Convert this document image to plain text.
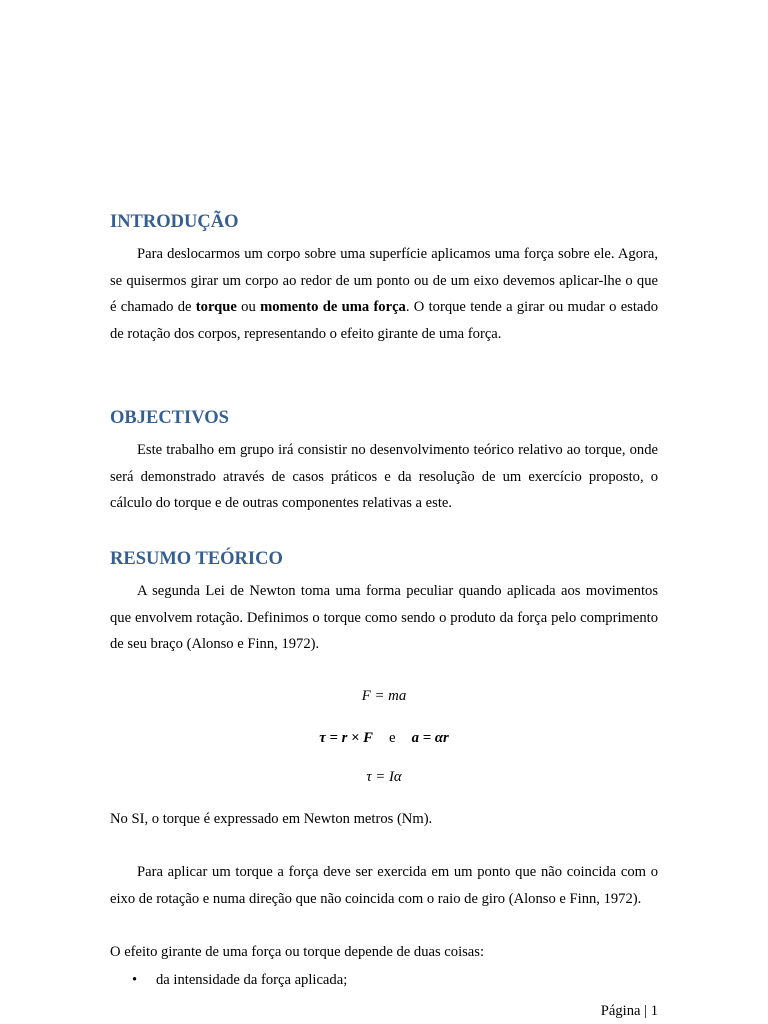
INTRODUÇÃO

Para deslocarmos um corpo sobre uma superfície aplicamos uma força sobre ele. Agora, se quisermos girar um corpo ao redor de um ponto ou de um eixo devemos aplicar-lhe o que é chamado de torque ou momento de uma força. O torque tende a girar ou mudar o estado de rotação dos corpos, representando o efeito girante de uma força.

OBJECTIVOS

Este trabalho em grupo irá consistir no desenvolvimento teórico relativo ao torque, onde será demonstrado através de casos práticos e da resolução de um exercício proposto, o cálculo do torque e de outras componentes relativas a este.

RESUMO TEÓRICO

A segunda Lei de Newton toma uma forma peculiar quando aplicada aos movimentos que envolvem rotação. Definimos o torque como sendo o produto da força pelo comprimento de seu braço (Alonso e Finn, 1972).

F = ma

τ = r × F e a = αr

τ = Iα

No SI, o torque é expressado em Newton metros (Nm).

Para aplicar um torque a força deve ser exercida em um ponto que não coincida com o eixo de rotação e numa direção que não coincida com o raio de giro (Alonso e Finn, 1972).

O efeito girante de uma força ou torque depende de duas coisas:

• da intensidade da força aplicada;
Página | 1
